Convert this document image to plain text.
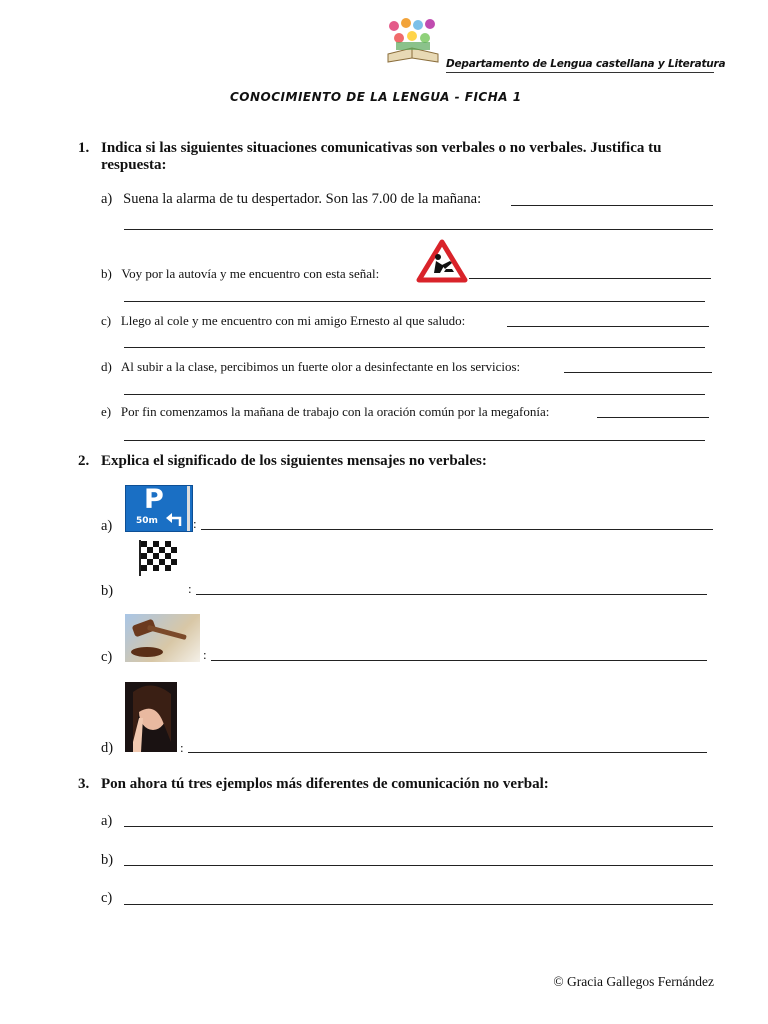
Departamento de Lengua castellana y Literatura
CONOCIMIENTO DE LA LENGUA - FICHA 1
1. Indica si las siguientes situaciones comunicativas son verbales o no verbales. Justifica tu respuesta:
a) Suena la alarma de tu despertador. Son las 7.00 de la mañana:
b) Voy por la autovía y me encuentro con esta señal:
c) Llego al cole y me encuentro con mi amigo Ernesto al que saludo:
d) Al subir a la clase, percibimos un fuerte olor a desinfectante en los servicios:
e) Por fin comenzamos la mañana de trabajo con la oración común por la megafonía:
2. Explica el significado de los siguientes mensajes no verbales:
a)
P
50m	:
b)	:
c)	:
d)	:
3. Pon ahora tú tres ejemplos más diferentes de comunicación no verbal:
a)
b)
c)
© Gracia Gallegos Fernández
